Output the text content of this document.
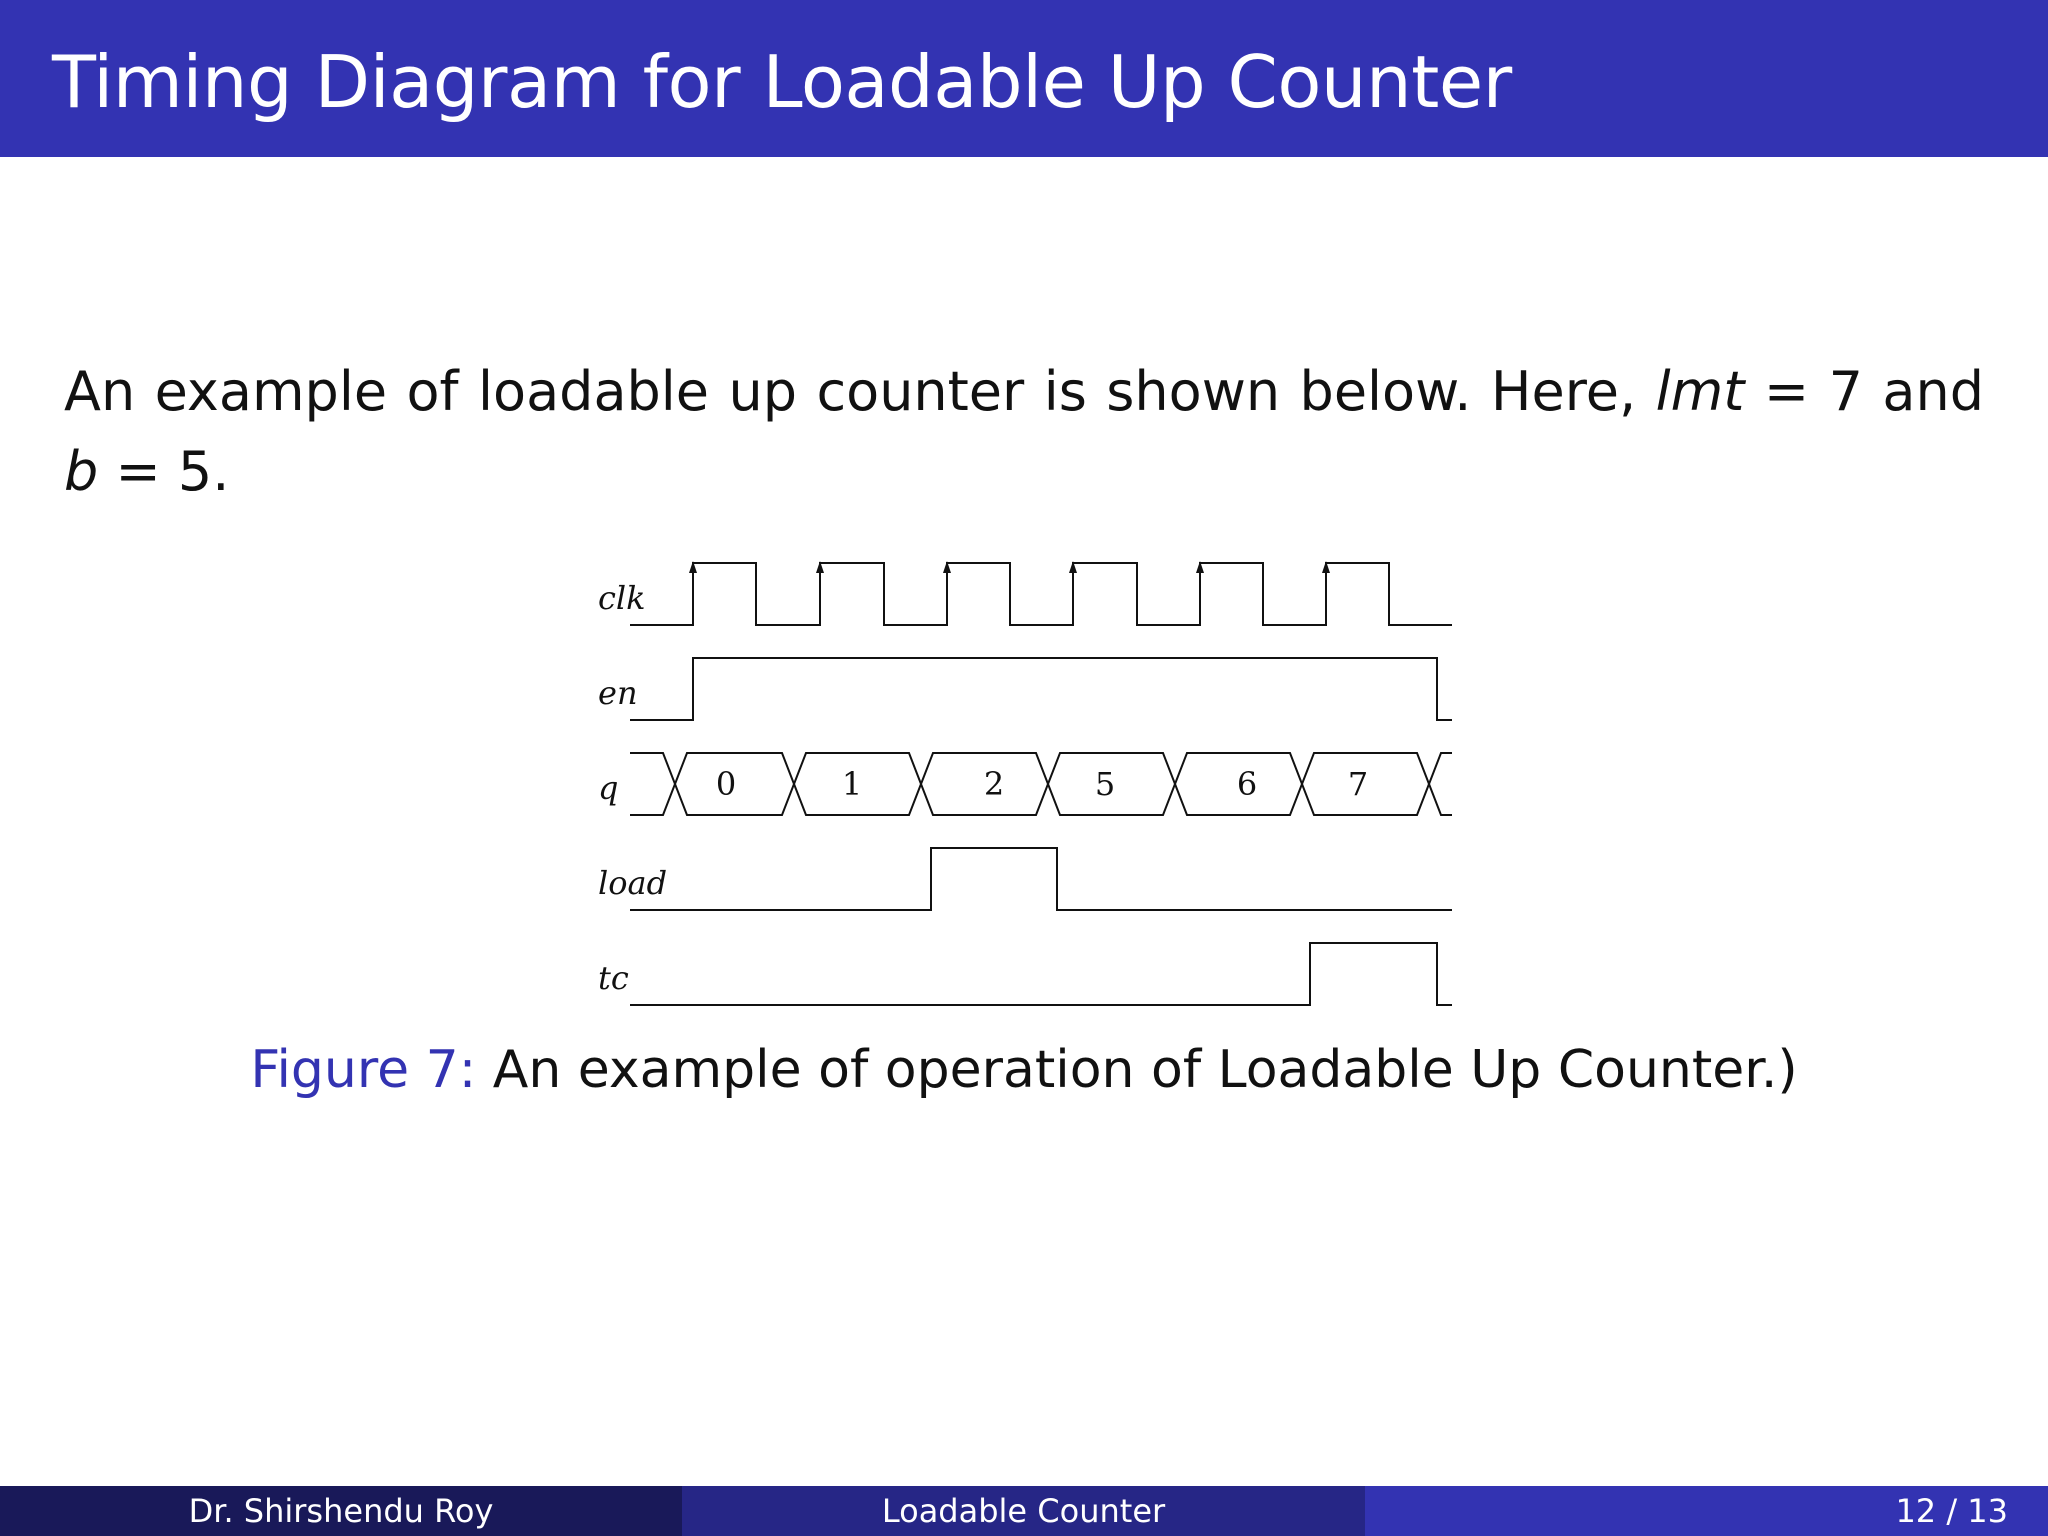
Timing Diagram for Loadable Up Counter
An example of loadable up counter is shown below. Here, lmt = 7 and
b = 5.
clk
en
q
load
tc
0	1	2	5	6	7
Figure 7: An example of operation of Loadable Up Counter.)
Dr. Shirshendu Roy	Loadable Counter	12 / 13
